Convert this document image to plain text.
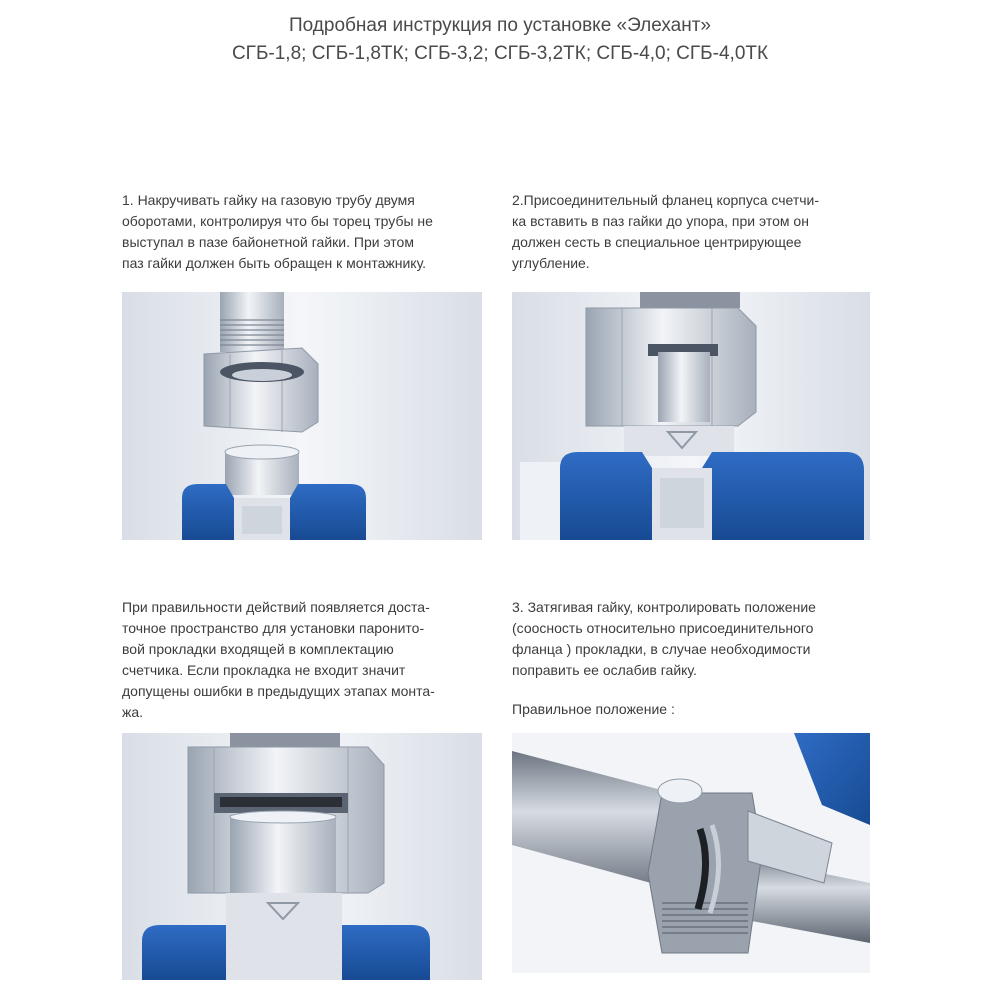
Подробная инструкция по установке «Элехант»
СГБ-1,8; СГБ-1,8ТК; СГБ-3,2; СГБ-3,2ТК; СГБ-4,0; СГБ-4,0ТК
1. Накручивать гайку на газовую трубу двумя
оборотами, контролируя что бы торец трубы не
выступал в пазе байонетной гайки. При этом
паз гайки должен быть обращен к монтажнику.
2.Присоединительный фланец корпуса счетчи-
ка вставить в паз гайки до упора, при этом он
должен сесть в специальное центрирующее
углубление.
При правильности действий появляется доста-
точное пространство для установки паронито-
вой прокладки входящей в комплектацию
счетчика. Если прокладка не входит значит
допущены ошибки в предыдущих этапах монта-
жа.
3. Затягивая гайку, контролировать положение
(соосность относительно присоединительного
фланца ) прокладки, в случае необходимости
поправить ее ослабив гайку.
Правильное положение :
